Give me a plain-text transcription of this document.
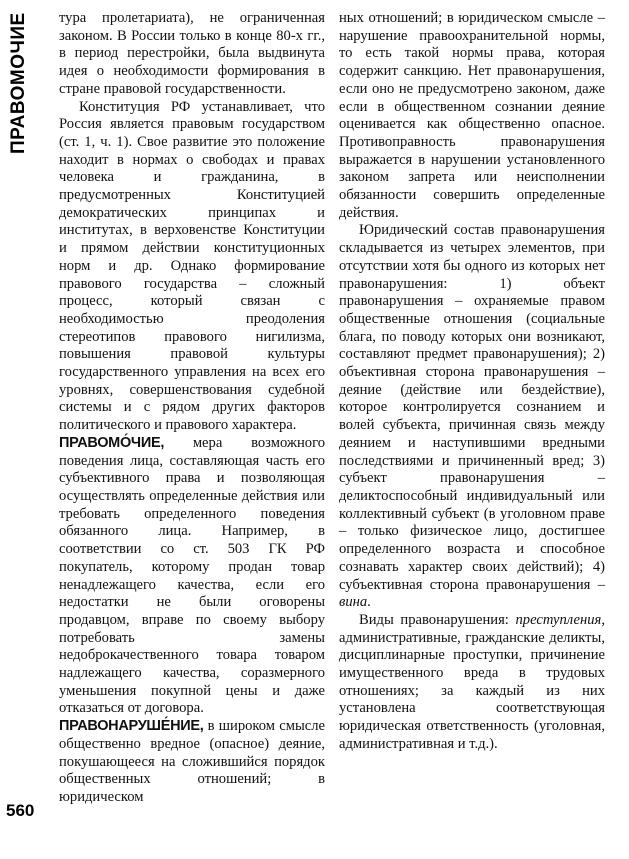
ПРАВОМОЧИЕ	тура пролетариата), не ограниченная законом. В России только в конце 80-х гг., в период перестройки, была выдвинута идея о необходимости формирования в стране правовой государственности.

Конституция РФ устанавливает, что Россия является правовым государством (ст. 1, ч. 1). Свое развитие это положение находит в нормах о свободах и правах человека и гражданина, в предусмотренных Конституцией демократических принципах и институтах, в верховенстве Конституции и прямом действии конституционных норм и др. Однако формирование правового государства – сложный процесс, который связан с необходимостью преодоления стереотипов правового нигилизма, повышения правовой культуры государственного управления на всех его уровнях, совершенствования судебной системы и с рядом других факторов политического и правового характера.

ПРАВОМО́ЧИЕ, мера возможного поведения лица, составляющая часть его субъективного права и позволяющая осуществлять определенные действия или требовать определенного поведения обязанного лица. Например, в соответствии со ст. 503 ГК РФ покупатель, которому продан товар ненадлежащего качества, если его недостатки не были оговорены продавцом, вправе по своему выбору потребовать замены недоброкачественного товара товаром надлежащего качества, соразмерного уменьшения покупной цены и даже отказаться от договора.

ПРАВОНАРУШЕ́НИЕ, в широком смысле общественно вредное (опасное) деяние, покушающееся на сложившийся порядок общественных отношений; в юридическом

ных отношений; в юридическом смысле – нарушение правоохранительной нормы, то есть такой нормы права, которая содержит санкцию. Нет правонарушения, если оно не предусмотрено законом, даже если в общественном сознании деяние оценивается как общественно опасное. Противоправность правонарушения выражается в нарушении установленного законом запрета или неисполнении обязанности совершить определенные действия.

Юридический состав правонарушения складывается из четырех элементов, при отсутствии хотя бы одного из которых нет правонарушения: 1) объект правонарушения – охраняемые правом общественные отношения (социальные блага, по поводу которых они возникают, составляют предмет правонарушения); 2) объективная сторона правонарушения – деяние (действие или бездействие), которое контролируется сознанием и волей субъекта, причинная связь между деянием и наступившими вредными последствиями и причиненный вред; 3) субъект правонарушения – деликтоспособный индивидуальный или коллективный субъект (в уголовном праве – только физическое лицо, достигшее определенного возраста и способное сознавать характер своих действий); 4) субъективная сторона правонарушения – вина.

Виды правонарушения: преступления, административные, гражданские деликты, дисциплинарные проступки, причинение имущественного вреда в трудовых отношениях; за каждый из них установлена соответствующая юридическая ответственность (уголовная, административная и т.д.).

560
